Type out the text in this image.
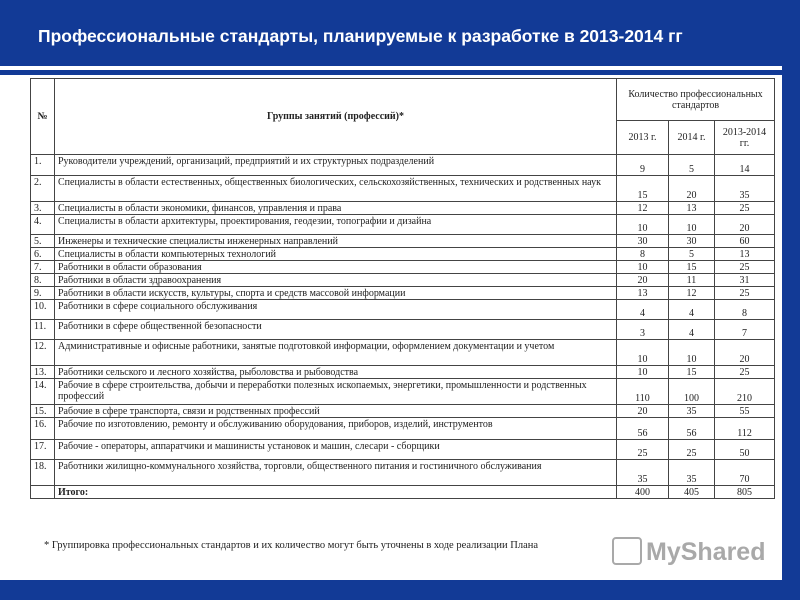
Профессиональные стандарты, планируемые к разработке в 2013-2014 гг
№	Группы занятий (профессий)*	Количество профессиональных стандартов		
		2013 г.	2014 г.	2013-2014 гг.
1.	Руководители учреждений, организаций, предприятий и их структурных подразделений	9	5	14
2.	Специалисты в области естественных, общественных биологических, сельскохозяйственных, технических и родственных наук	15	20	35
3.	Специалисты в области экономики, финансов, управления и права	12	13	25
4.	Специалисты в области архитектуры, проектирования, геодезии, топографии и дизайна	10	10	20
5.	Инженеры и технические специалисты инженерных направлений	30	30	60
6.	Специалисты в области компьютерных технологий	8	5	13
7.	Работники в области образования	10	15	25
8.	Работники в области здравоохранения	20	11	31
9.	Работники в области искусств, культуры, спорта и средств массовой информации	13	12	25
10.	Работники в сфере социального обслуживания	4	4	8
11.	Работники в сфере общественной безопасности	3	4	7
12.	Административные и офисные работники, занятые подготовкой информации, оформлением документации и учетом	10	10	20
13.	Работники сельского и лесного хозяйства, рыболовства и рыбоводства	10	15	25
14.	Рабочие в сфере строительства, добычи и переработки полезных ископаемых, энергетики, промышленности и родственных профессий	110	100	210
15.	Рабочие в сфере транспорта, связи и родственных профессий	20	35	55
16.	Рабочие по изготовлению, ремонту и обслуживанию оборудования, приборов, изделий, инструментов	56	56	112
17.	Рабочие - операторы, аппаратчики и машинисты установок и машин, слесари - сборщики	25	25	50
18.	Работники жилищно-коммунального хозяйства, торговли, общественного питания и гостиничного обслуживания	35	35	70
	Итого:	400	405	805
* Группировка профессиональных стандартов и их количество могут быть уточнены в ходе реализации Плана	MyShared
